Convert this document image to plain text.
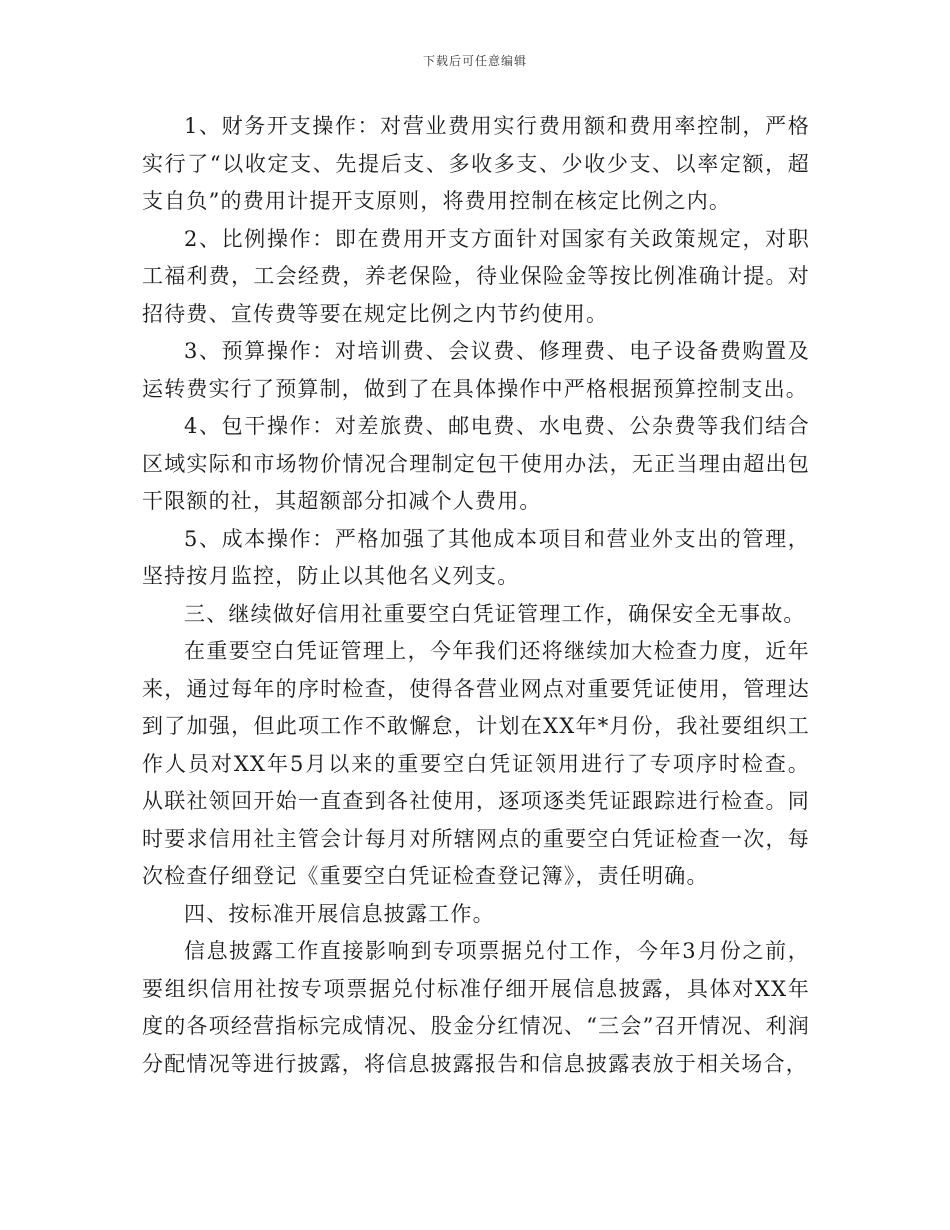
下载后可任意编辑

1、财务开支操作：对营业费用实行费用额和费用率控制，严格实行了“以收定支、先提后支、多收多支、少收少支、以率定额，超支自负”的费用计提开支原则，将费用控制在核定比例之内。

2、比例操作：即在费用开支方面针对国家有关政策规定，对职工福利费，工会经费，养老保险，待业保险金等按比例准确计提。对招待费、宣传费等要在规定比例之内节约使用。

3、预算操作：对培训费、会议费、修理费、电子设备费购置及运转费实行了预算制，做到了在具体操作中严格根据预算控制支出。

4、包干操作：对差旅费、邮电费、水电费、公杂费等我们结合区域实际和市场物价情况合理制定包干使用办法，无正当理由超出包干限额的社，其超额部分扣减个人费用。

5、成本操作：严格加强了其他成本项目和营业外支出的管理，坚持按月监控，防止以其他名义列支。

三、继续做好信用社重要空白凭证管理工作，确保安全无事故。

在重要空白凭证管理上，今年我们还将继续加大检查力度，近年来，通过每年的序时检查，使得各营业网点对重要凭证使用，管理达到了加强，但此项工作不敢懈怠，计划在XX年*月份，我社要组织工作人员对XX年5月以来的重要空白凭证领用进行了专项序时检查。从联社领回开始一直查到各社使用，逐项逐类凭证跟踪进行检查。同时要求信用社主管会计每月对所辖网点的重要空白凭证检查一次，每次检查仔细登记《重要空白凭证检查登记簿》，责任明确。

四、按标准开展信息披露工作。

信息披露工作直接影响到专项票据兑付工作，今年3月份之前，要组织信用社按专项票据兑付标准仔细开展信息披露，具体对XX年度的各项经营指标完成情况、股金分红情况、“三会”召开情况、利润分配情况等进行披露，将信息披露报告和信息披露表放于相关场合，
